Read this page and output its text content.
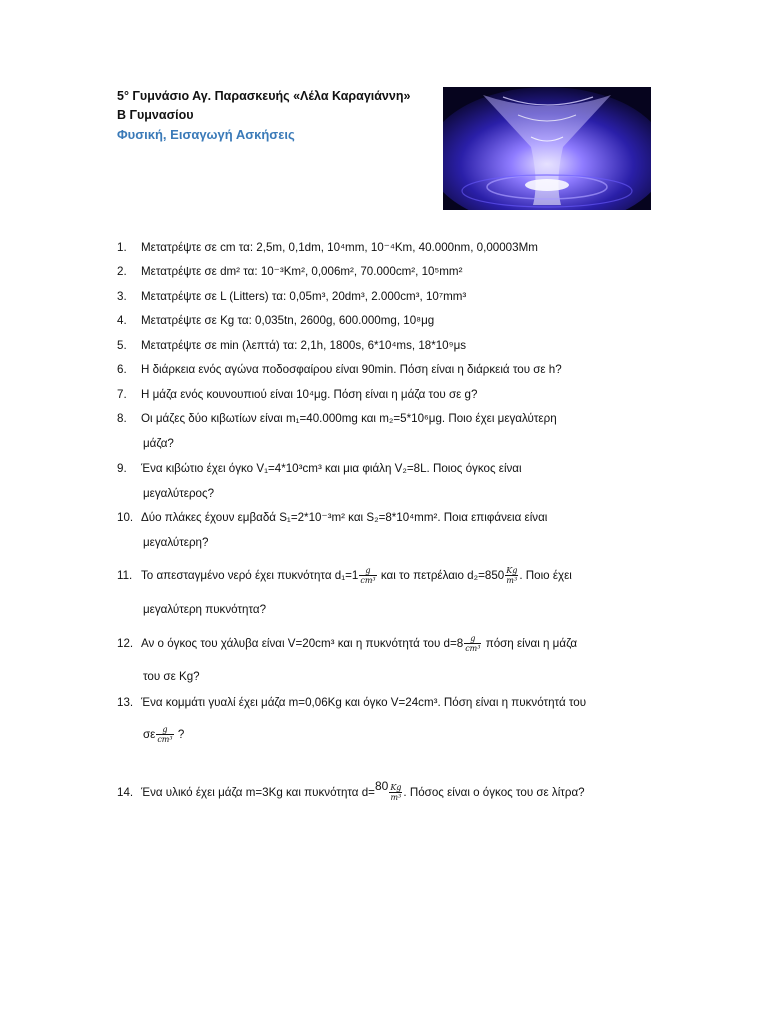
5° Γυμνάσιο Αγ. Παρασκευής «Λέλα Καραγιάννη»
Β Γυμνασίου
Φυσική, Εισαγωγή Ασκήσεις
1. Μετατρέψτε σε cm τα: 2,5m, 0,1dm, 10⁴mm, 10⁻⁴Km, 40.000nm, 0,00003Mm
2. Μετατρέψτε σε dm² τα: 10⁻³Km², 0,006m², 70.000cm², 10⁵mm²
3. Μετατρέψτε σε L (Litters) τα: 0,05m³, 20dm³, 2.000cm³, 10⁷mm³
4. Μετατρέψτε σε Kg τα: 0,035tn, 2600g, 600.000mg, 10⁸μg
5. Μετατρέψτε σε min (λεπτά) τα: 2,1h, 1800s, 6*10⁴ms, 18*10⁹μs
6. Η διάρκεια ενός αγώνα ποδοσφαίρου είναι 90min. Πόση είναι η διάρκειά του σε h?
7. Η μάζα ενός κουνουπιού είναι 10⁴μg. Πόση είναι η μάζα του σε g?
8. Οι μάζες δύο κιβωτίων είναι m₁=40.000mg και m₂=5*10⁶μg. Ποιο έχει μεγαλύτερη
μάζα?
9. Ένα κιβώτιο έχει όγκο V₁=4*10³cm³ και μια φιάλη V₂=8L. Ποιος όγκος είναι
μεγαλύτερος?
10. Δύο πλάκες έχουν εμβαδά S₁=2*10⁻³m² και S₂=8*10⁴mm². Ποια επιφάνεια είναι
μεγαλύτερη?
11. Το απεσταγμένο νερό έχει πυκνότητα $d_1=1 \frac{g}{\text{cm³}}$ και το πετρέλαιο $d_2=850 \frac{Kg}{\text{m³}}$ . Ποιο έχει
μεγαλύτερη πυκνότητα?
12. Αν ο όγκος του χάλυβα είναι V=20cm³ και η πυκνότητά του $d=8 \frac{g}{\text{cm³}}$ πόση είναι η μάζα
του σε Kg?
13. Ένα κομμάτι γυαλί έχει μάζα m=0,06Kg και όγκο V=24cm³. Πόση είναι η πυκνότητά του
σε $\frac{g}{\text{cm³}}$ ?
14. Ένα υλικό έχει μάζα m=3Kg και πυκνότητα $d=80 \frac{Kg}{\text{m³}}$ . Πόσος είναι ο όγκος του σε λίτρα?
